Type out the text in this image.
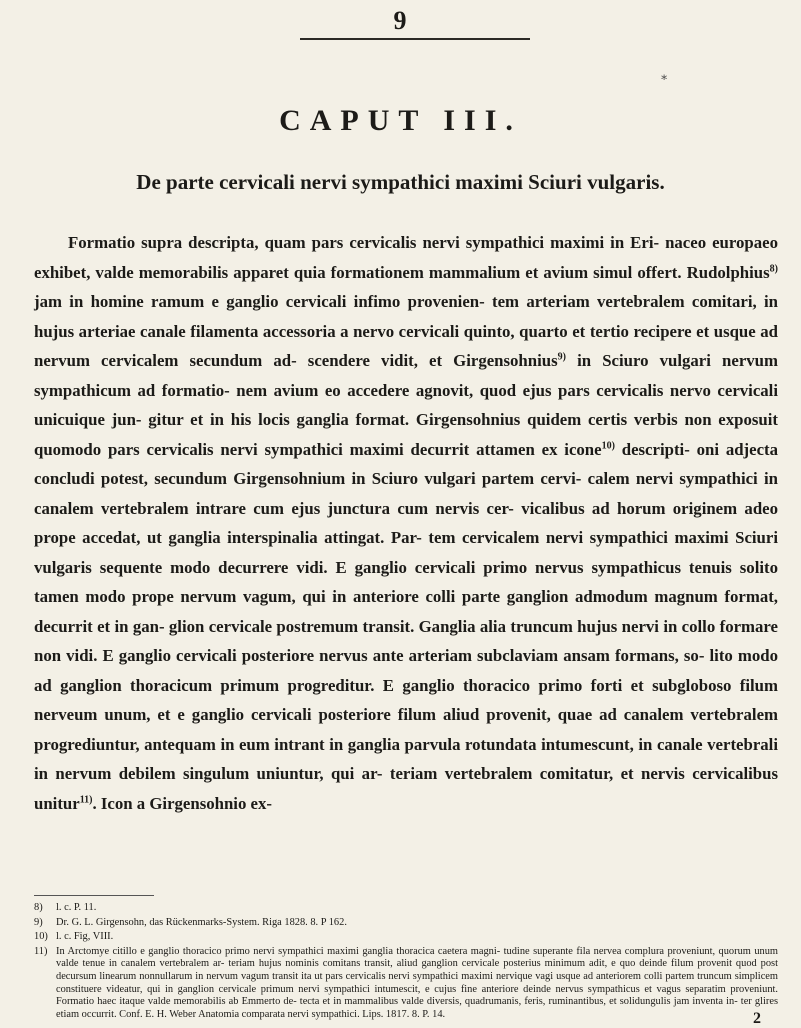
9
∗
CAPUT III.
De parte cervicali nervi sympathici maximi Sciuri vulgaris.
Formatio supra descripta, quam pars cervicalis nervi sympathici maximi in Eri- naceo europaeo exhibet, valde memorabilis apparet quia formationem mammalium et avium simul offert. Rudolphius$^{8)}$ jam in homine ramum e ganglio cervicali infimo provenien- tem arteriam vertebralem comitari, in hujus arteriae canale filamenta accessoria a nervo cervicali quinto, quarto et tertio recipere et usque ad nervum cervicalem secundum ad- scendere vidit, et Girgensohnius$^{9)}$ in Sciuro vulgari nervum sympathicum ad formatio- nem avium eo accedere agnovit, quod ejus pars cervicalis nervo cervicali unicuique jun- gitur et in his locis ganglia format. Girgensohnius quidem certis verbis non exposuit quomodo pars cervicalis nervi sympathici maximi decurrit attamen ex icone$^{10)}$ descripti- oni adjecta concludi potest, secundum Girgensohnium in Sciuro vulgari partem cervi- calem nervi sympathici in canalem vertebralem intrare cum ejus junctura cum nervis cer- vicalibus ad horum originem adeo prope accedat, ut ganglia interspinalia attingat. Par- tem cervicalem nervi sympathici maximi Sciuri vulgaris sequente modo decurrere vidi. E ganglio cervicali primo nervus sympathicus tenuis solito tamen modo prope nervum vagum, qui in anteriore colli parte ganglion admodum magnum format, decurrit et in gan- glion cervicale postremum transit. Ganglia alia truncum hujus nervi in collo formare non vidi. E ganglio cervicali posteriore nervus ante arteriam subclaviam ansam formans, so- lito modo ad ganglion thoracicum primum progreditur. E ganglio thoracico primo forti et subgloboso filum nerveum unum, et e ganglio cervicali posteriore filum aliud provenit, quae ad canalem vertebralem progrediuntur, antequam in eum intrant in ganglia parvula rotundata intumescunt, in canale vertebrali in nervum debilem singulum uniuntur, qui ar- teriam vertebralem comitatur, et nervis cervicalibus unitur$^{11)}$. Icon a Girgensohnio ex-
8) l. c. P. 11.
9) Dr. G. L. Girgensohn, das Rückenmarks-System. Riga 1828. 8. P 162.
10) l. c. Fig, VIII.
11) In Arctomye citillo e ganglio thoracico primo nervi sympathici maximi ganglia thoracica caetera magni- tudine superante fila nervea complura proveniunt, quorum unum valde tenue in canalem vertebralem ar- teriam hujus nominis comitans transit, aliud ganglion cervicale posterius minimum adit, e quo deinde filum provenit quod post decursum linearum nonnullarum in nervum vagum transit ita ut pars cervicalis nervi sympathici maximi nervique vagi usque ad anteriorem colli partem truncum simplicem constituere videatur, qui in ganglion cervicale primum nervi sympathici intumescit, e cujus fine anteriore deinde nervus sympathicus et vagus separatim proveniunt. Formatio haec itaque valde memorabilis ab Emmerto de- tecta et in mammalibus valde diversis, quadrumanis, feris, ruminantibus, et solidungulis jam inventa in- ter glires etiam occurrit. Conf. E. H. Weber Anatomia comparata nervi sympathici. Lips. 1817. 8. P. 14.	2
